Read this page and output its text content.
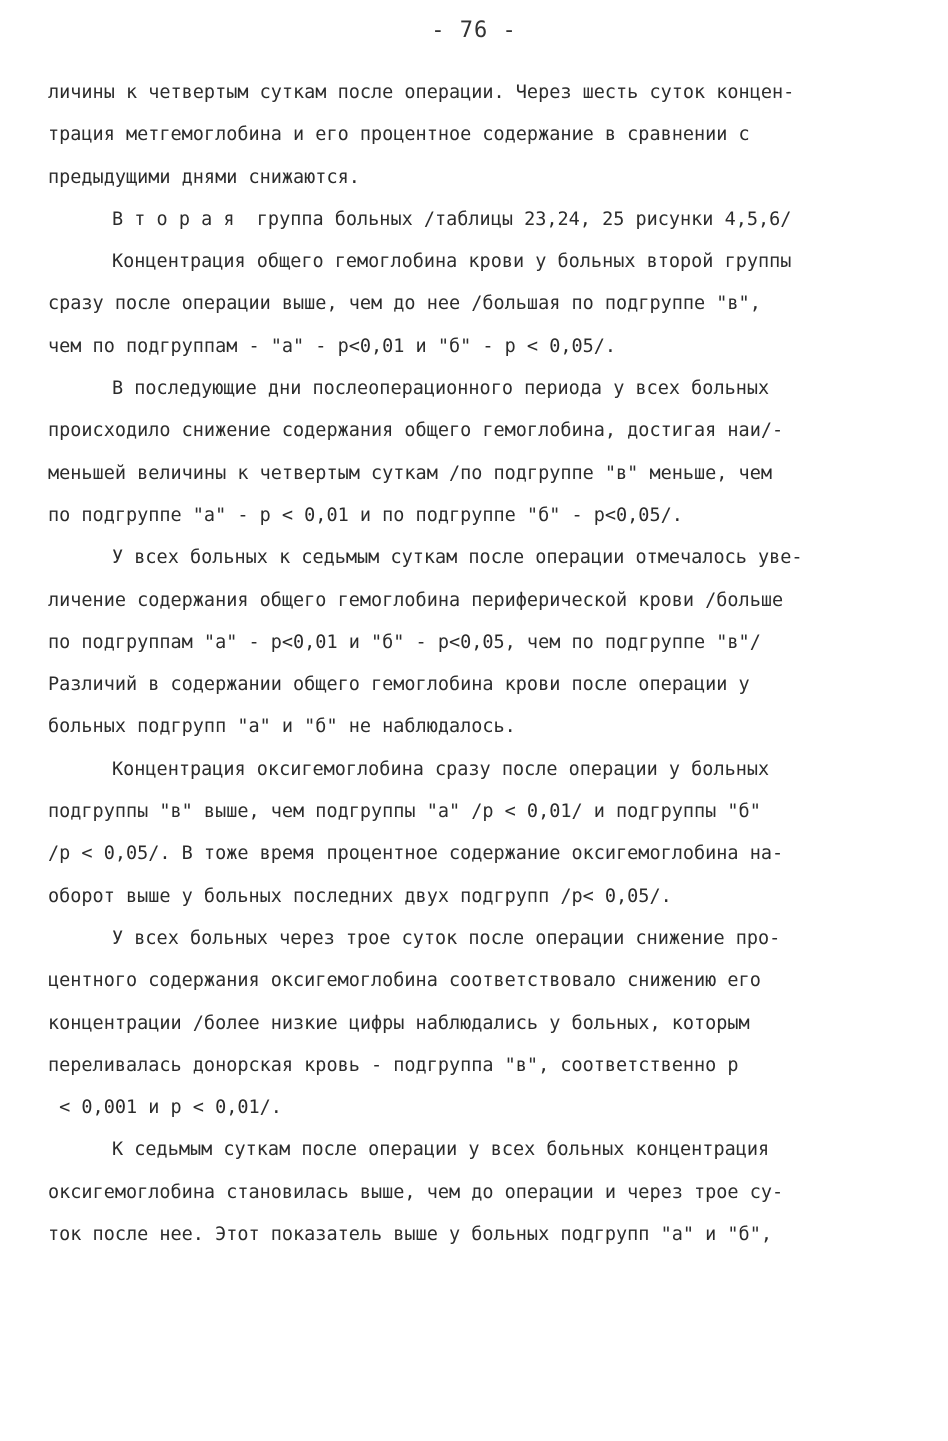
- 76 -
личины к четвертым суткам после операции. Через шесть суток концен-
трация метгемоглобина и его процентное содержание в сравнении с
предыдущими днями снижаются.
В т о р а я  группа больных /таблицы 23,24, 25 рисунки 4,5,6/
Концентрация общего гемоглобина крови у больных второй группы
сразу после операции выше, чем до нее /большая по подгруппе "в",
чем по подгруппам - "а" - р<0,01 и "б" - р < 0,05/.
В последующие дни послеоперационного периода у всех больных
происходило снижение содержания общего гемоглобина, достигая наи/-
меньшей величины к четвертым суткам /по подгруппе "в" меньше, чем
по подгруппе "а" - р < 0,01 и по подгруппе "б" - р<0,05/.
У всех больных к седьмым суткам после операции отмечалось уве-
личение содержания общего гемоглобина периферической крови /больше
по подгруппам "а" - р<0,01 и "б" - р<0,05, чем по подгруппе "в"/
Различий в содержании общего гемоглобина крови после операции у
больных подгрупп "а" и "б" не наблюдалось.
Концентрация оксигемоглобина сразу после операции у больных
подгруппы "в" выше, чем подгруппы "а" /р < 0,01/ и подгруппы "б"
/р < 0,05/. В тоже время процентное содержание оксигемоглобина на-
оборот выше у больных последних двух подгрупп /р< 0,05/.
У всех больных через трое суток после операции снижение про-
центного содержания оксигемоглобина соответствовало снижению его
концентрации /более низкие цифры наблюдались у больных, которым
переливалась донорская кровь - подгруппа "в", соответственно р
< 0,001 и р < 0,01/.
К седьмым суткам после операции у всех больных концентрация
оксигемоглобина становилась выше, чем до операции и через трое су-
ток после нее. Этот показатель выше у больных подгрупп "а" и "б",
